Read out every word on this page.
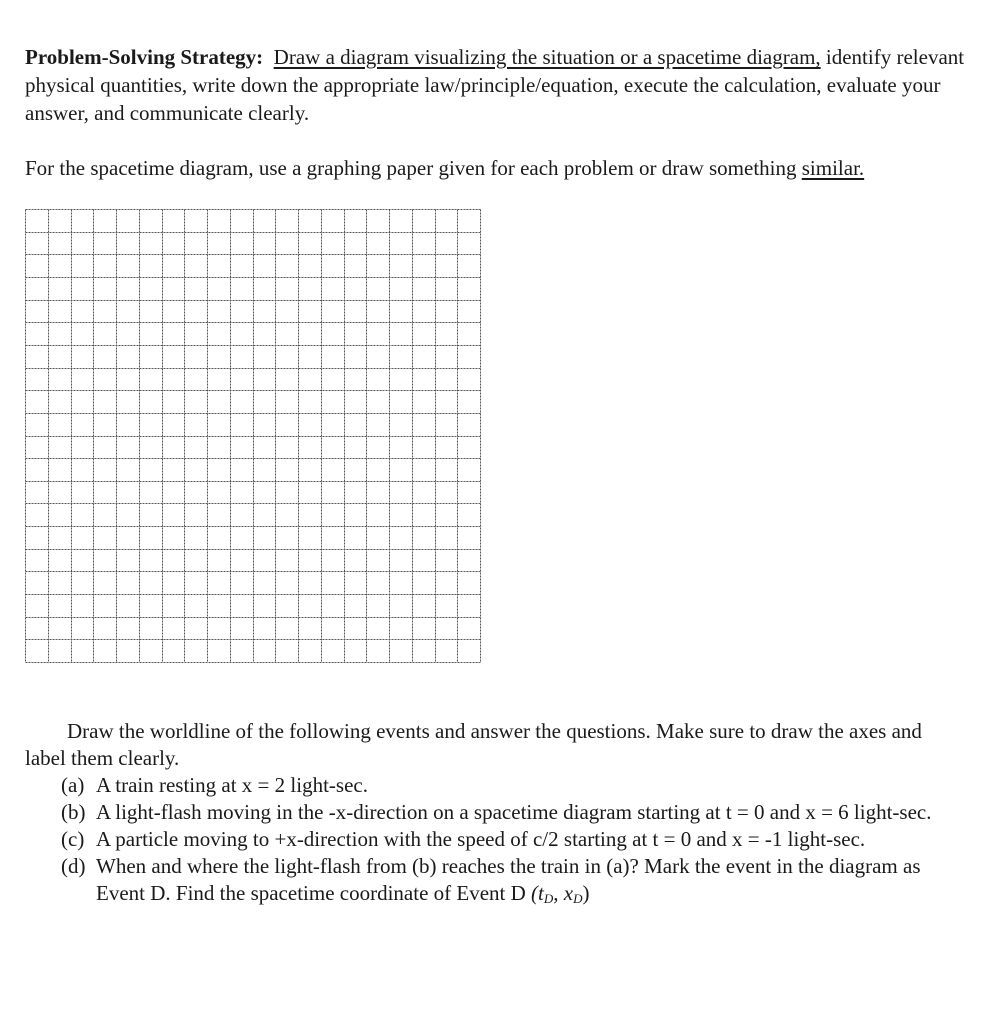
Problem-Solving Strategy: Draw a diagram visualizing the situation or a spacetime diagram, identify relevant physical quantities, write down the appropriate law/principle/equation, execute the calculation, evaluate your answer, and communicate clearly.
For the spacetime diagram, use a graphing paper given for each problem or draw something similar.
Draw the worldline of the following events and answer the questions. Make sure to draw the axes and label them clearly.
(a) A train resting at x = 2 light-sec.
(b) A light-flash moving in the -x-direction on a spacetime diagram starting at t = 0 and x = 6 light-sec.
(c) A particle moving to +x-direction with the speed of c/2 starting at t = 0 and x = -1 light-sec.
(d) When and where the light-flash from (b) reaches the train in (a)? Mark the event in the diagram as Event D. Find the spacetime coordinate of Event D ($t_D$, $x_D$)
